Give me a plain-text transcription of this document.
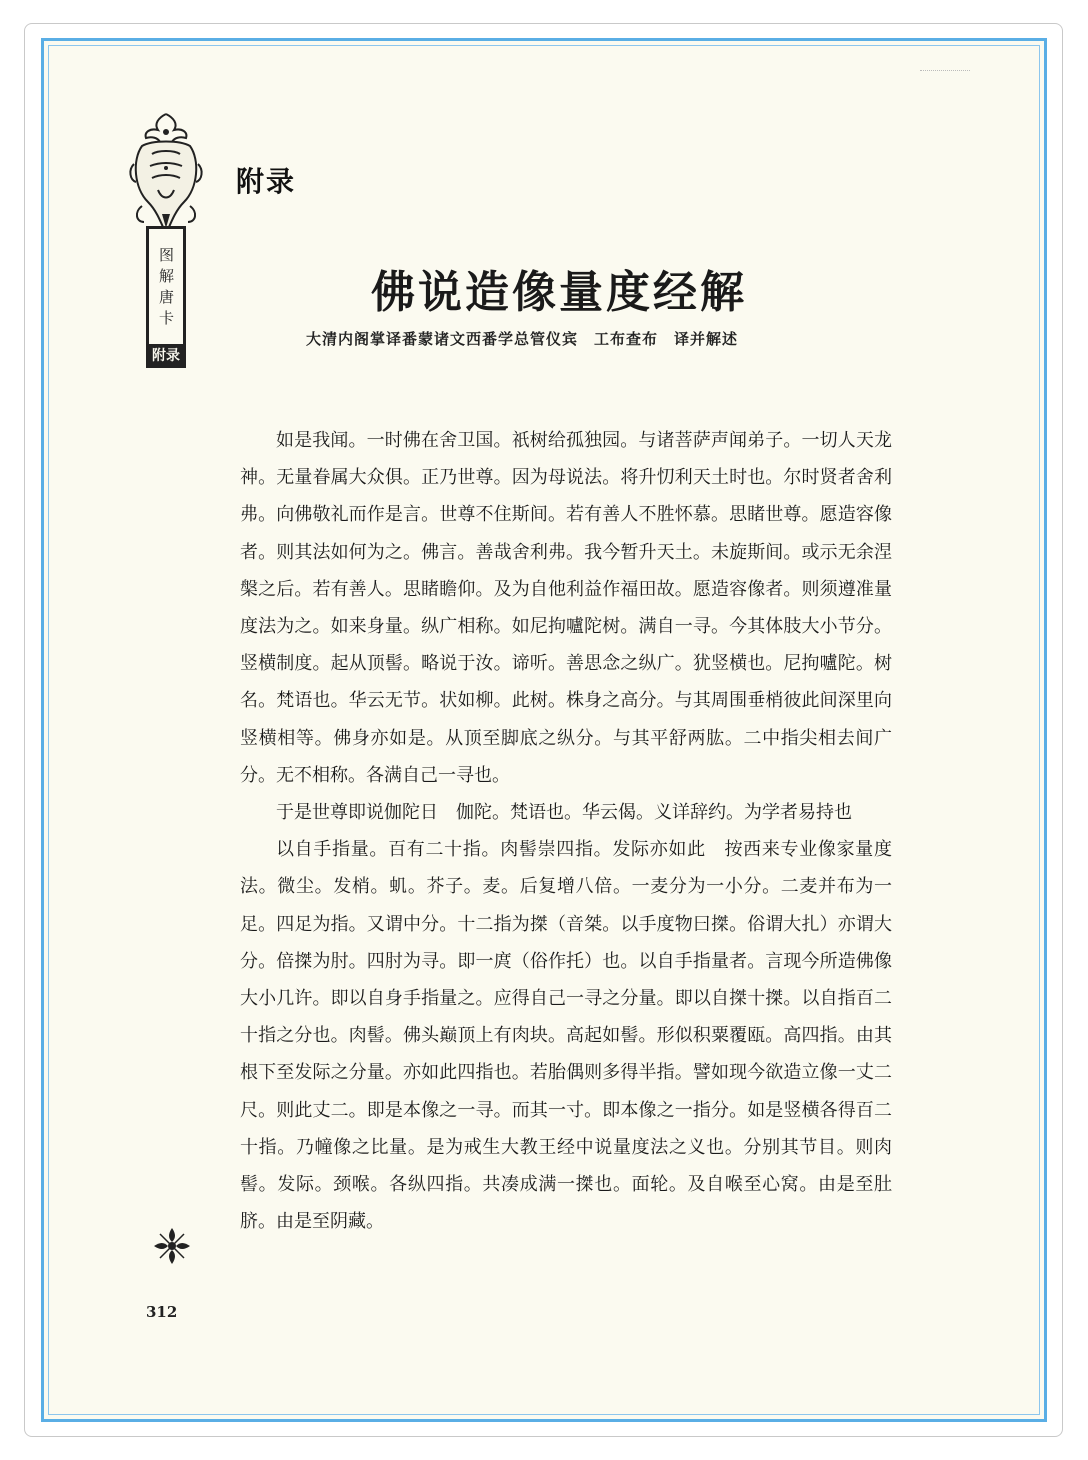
图解唐卡
附录
附录
佛说造像量度经解
大清内阁掌译番蒙诸文西番学总管仪宾　工布查布　译并解述

如是我闻。一时佛在舍卫国。祇树给孤独园。与诸菩萨声闻弟子。一切人天龙神。无量眷属大众俱。正乃世尊。因为母说法。将升忉利天土时也。尔时贤者舍利弗。向佛敬礼而作是言。世尊不住斯间。若有善人不胜怀慕。思睹世尊。愿造容像者。则其法如何为之。佛言。善哉舍利弗。我今暂升天土。未旋斯间。或示无余涅槃之后。若有善人。思睹瞻仰。及为自他利益作福田故。愿造容像者。则须遵准量度法为之。如来身量。纵广相称。如尼拘嚧陀树。满自一寻。今其体肢大小节分。竖横制度。起从顶髻。略说于汝。谛听。善思念之纵广。犹竖横也。尼拘嚧陀。树名。梵语也。华云无节。状如柳。此树。株身之高分。与其周围垂梢彼此间深里向竖横相等。佛身亦如是。从顶至脚底之纵分。与其平舒两肱。二中指尖相去间广分。无不相称。各满自己一寻也。

于是世尊即说伽陀日　伽陀。梵语也。华云偈。义详辞约。为学者易持也

以自手指量。百有二十指。肉髻崇四指。发际亦如此　按西来专业像家量度法。微尘。发梢。虮。芥子。麦。后复增八倍。一麦分为一小分。二麦并布为一足。四足为指。又谓中分。十二指为搩（音桀。以手度物曰搩。俗谓大扎）亦谓大分。倍搩为肘。四肘为寻。即一庹（俗作托）也。以自手指量者。言现今所造佛像大小几许。即以自身手指量之。应得自己一寻之分量。即以自搩十搩。以自指百二十指之分也。肉髻。佛头巅顶上有肉块。高起如髻。形似积粟覆瓯。高四指。由其根下至发际之分量。亦如此四指也。若胎偶则多得半指。譬如现今欲造立像一丈二尺。则此丈二。即是本像之一寻。而其一寸。即本像之一指分。如是竖横各得百二十指。乃幢像之比量。是为戒生大教王经中说量度法之义也。分别其节目。则肉髻。发际。颈喉。各纵四指。共凑成满一搩也。面轮。及自喉至心窝。由是至肚脐。由是至阴藏。

312
